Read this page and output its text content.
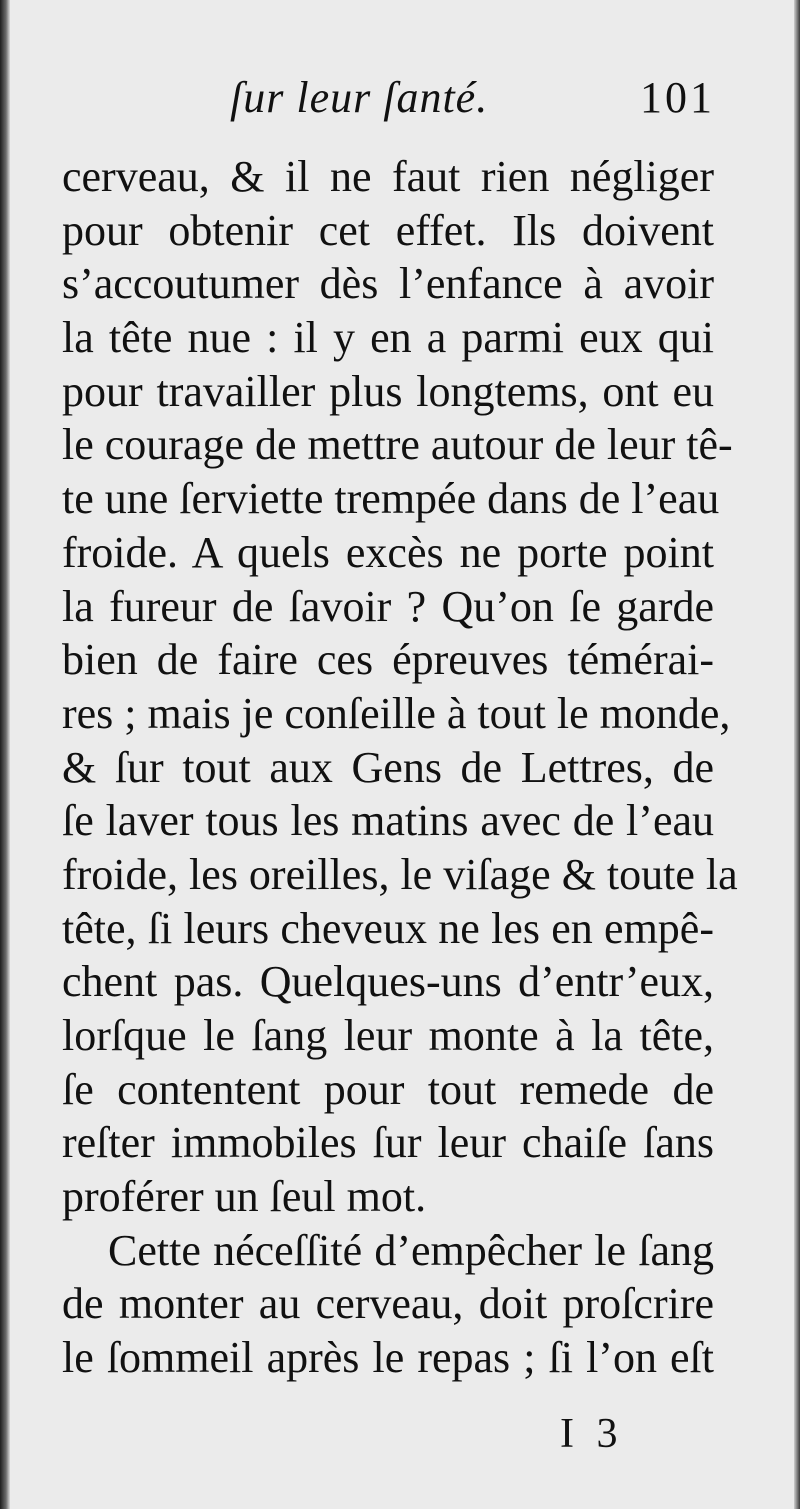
ſur leur ſanté.	101
cerveau, & il ne faut rien négliger
pour obtenir cet effet. Ils doivent
s’accoutumer dès l’enfance à avoir
la tête nue : il y en a parmi eux qui
pour travailler plus longtems, ont eu
le courage de mettre autour de leur tê-
te une ſerviette trempée dans de l’eau
froide. A quels excès ne porte point
la fureur de ſavoir ? Qu’on ſe garde
bien de faire ces épreuves témérai-
res ; mais je conſeille à tout le monde,
& ſur tout aux Gens de Lettres, de
ſe laver tous les matins avec de l’eau
froide, les oreilles, le viſage & toute la
tête, ſi leurs cheveux ne les en empê-
chent pas. Quelques-uns d’entr’eux,
lorſque le ſang leur monte à la tête,
ſe contentent pour tout remede de
reſter immobiles ſur leur chaiſe ſans
proférer un ſeul mot.
Cette néceſſité d’empêcher le ſang
de monter au cerveau, doit proſcrire
le ſommeil après le repas ; ſi l’on eſt
I 3
